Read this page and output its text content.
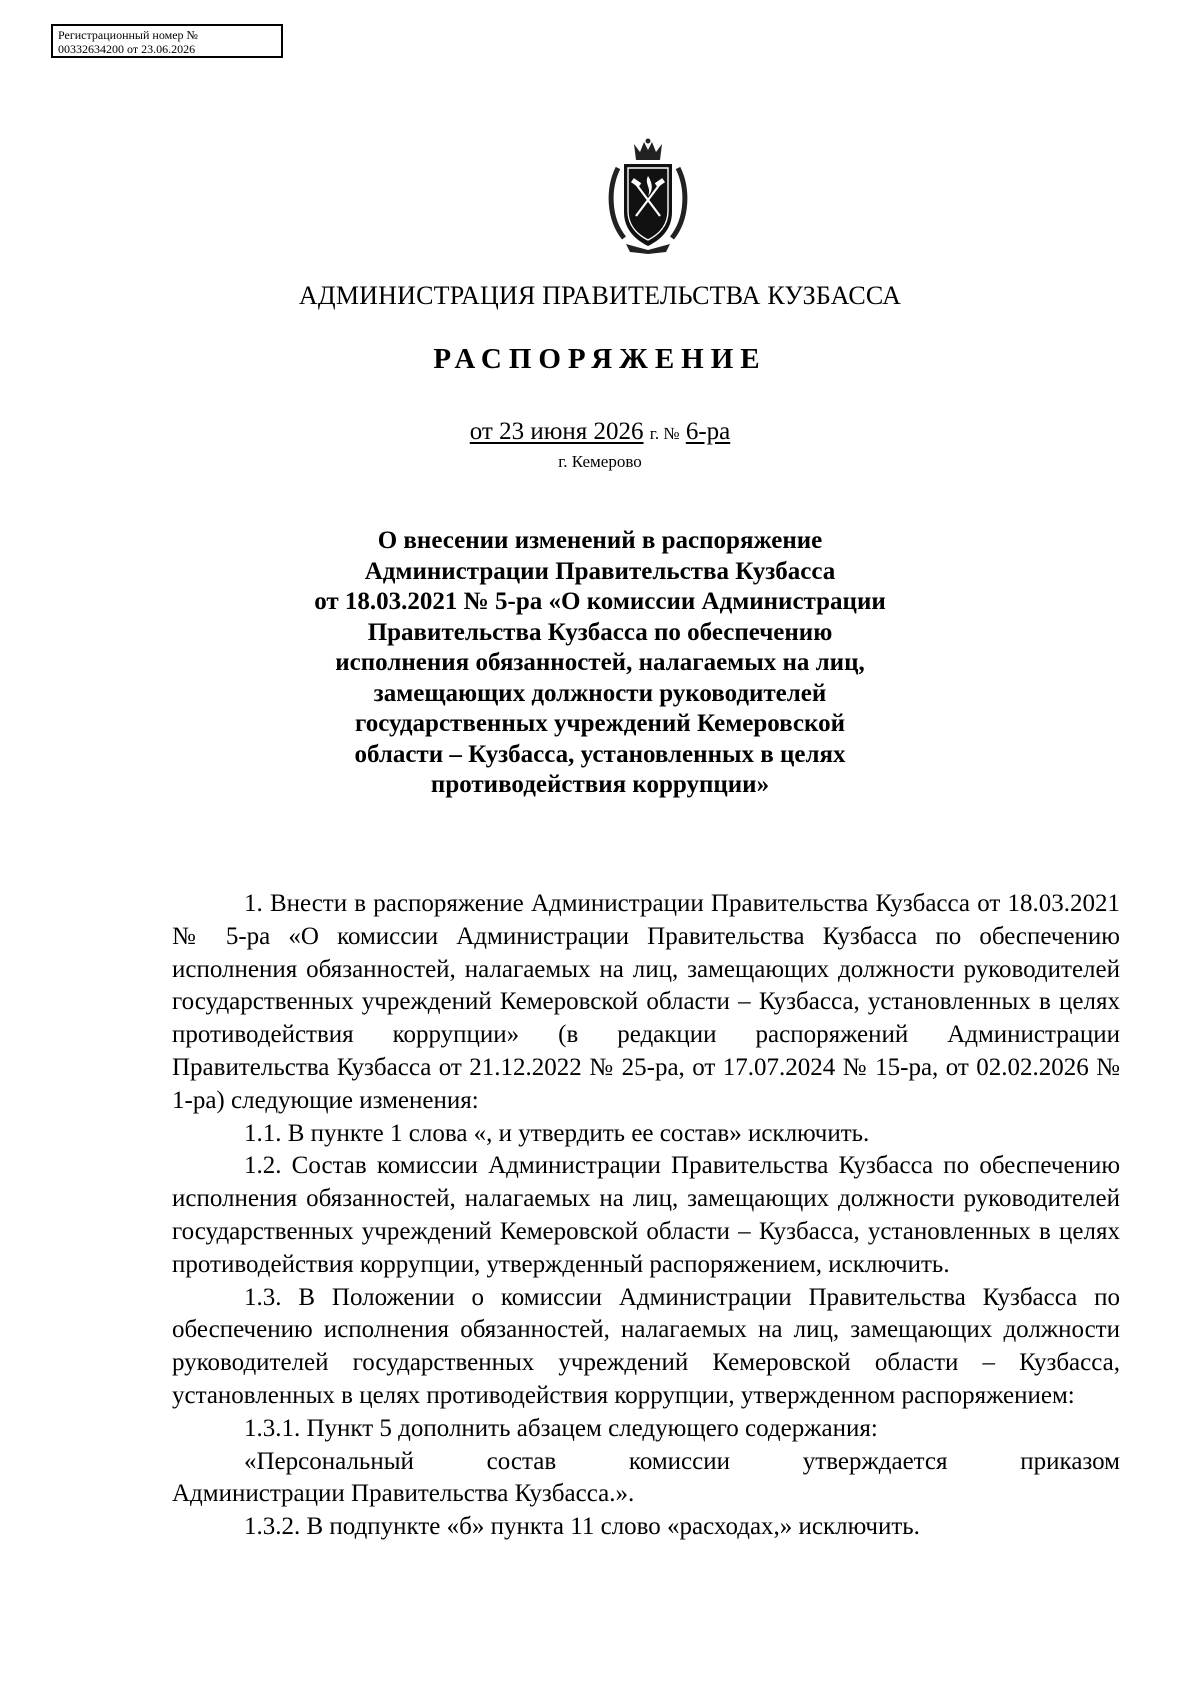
Регистрационный номер №
00332634200 от 23.06.2026
АДМИНИСТРАЦИЯ ПРАВИТЕЛЬСТВА КУЗБАССА
РАСПОРЯЖЕНИЕ
от 23 июня 2026 г. № 6-ра
г. Кемерово
О внесении изменений в распоряжение
Администрации Правительства Кузбасса
от 18.03.2021 № 5-ра «О комиссии Администрации
Правительства Кузбасса по обеспечению
исполнения обязанностей, налагаемых на лиц,
замещающих должности руководителей
государственных учреждений Кемеровской
области – Кузбасса, установленных в целях
противодействия коррупции»

1. Внести в распоряжение Администрации Правительства Кузбасса от 18.03.2021 № 5-ра «О комиссии Администрации Правительства Кузбасса по обеспечению исполнения обязанностей, налагаемых на лиц, замещающих должности руководителей государственных учреждений Кемеровской области – Кузбасса, установленных в целях противодействия коррупции» (в редакции распоряжений Администрации Правительства Кузбасса от 21.12.2022 № 25-ра, от 17.07.2024 № 15-ра, от 02.02.2026 № 1-ра) следующие изменения:

1.1. В пункте 1 слова «, и утвердить ее состав» исключить.

1.2. Состав комиссии Администрации Правительства Кузбасса по обеспечению исполнения обязанностей, налагаемых на лиц, замещающих должности руководителей государственных учреждений Кемеровской области – Кузбасса, установленных в целях противодействия коррупции, утвержденный распоряжением, исключить.

1.3. В Положении о комиссии Администрации Правительства Кузбасса по обеспечению исполнения обязанностей, налагаемых на лиц, замещающих должности руководителей государственных учреждений Кемеровской области – Кузбасса, установленных в целях противодействия коррупции, утвержденном распоряжением:

1.3.1. Пункт 5 дополнить абзацем следующего содержания:

«Персональный состав комиссии утверждается приказом

Администрации Правительства Кузбасса.».

1.3.2. В подпункте «б» пункта 11 слово «расходах,» исключить.
